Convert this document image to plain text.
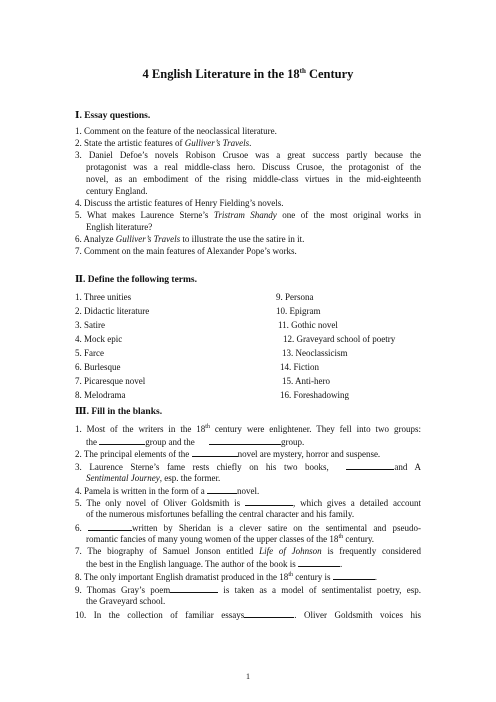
4 English Literature in the 18th Century
Ⅰ. Essay questions.
1. Comment on the feature of the neoclassical literature.
2. State the artistic features of Gulliver’s Travels.
3. Daniel Defoe’s novels Robison Crusoe was a great success partly because the
protagonist was a real middle-class hero. Discuss Crusoe, the protagonist of the
novel, as an embodiment of the rising middle-class virtues in the mid-eighteenth
century England.
4. Discuss the artistic features of Henry Fielding’s novels.
5. What makes Laurence Sterne’s Tristram Shandy one of the most original works in
English literature?
6. Analyze Gulliver’s Travels to illustrate the use the satire in it.
7. Comment on the main features of Alexander Pope’s works.
Ⅱ. Define the following terms.
1. Three unities
2. Didactic literature
3. Satire
4. Mock epic
5. Farce
6. Burlesque
7. Picaresque novel
8. Melodrama
9. Persona
10. Epigram
11. Gothic novel
12. Graveyard school of poetry
13. Neoclassicism
14. Fiction
15. Anti-hero
16. Foreshadowing
Ⅲ. Fill in the blanks.
1. Most of the writers in the 18th century were enlightener. They fell into two groups:
the	group and the	group.
2. The principal elements of the	novel are mystery, horror and suspense.
3. Laurence Sterne’s fame rests chiefly on his two books,	and A
Sentimental Journey, esp. the former.
4. Pamela is written in the form of a	novel.
5. The only novel of Oliver Goldsmith is	, which gives a detailed account
of the numerous misfortunes befalling the central character and his family.
6.	written by Sheridan is a clever satire on the sentimental and pseudo-
romantic fancies of many young women of the upper classes of the 18th century.
7. The biography of Samuel Jonson entitled Life of Johnson is frequently considered
the best in the English language. The author of the book is	.
8. The only important English dramatist produced in the 18th century is	.
9. Thomas Gray’s poem	is taken as a model of sentimentalist poetry, esp.
the Graveyard school.
10. In the collection of familiar essays	. Oliver Goldsmith voices his
1
